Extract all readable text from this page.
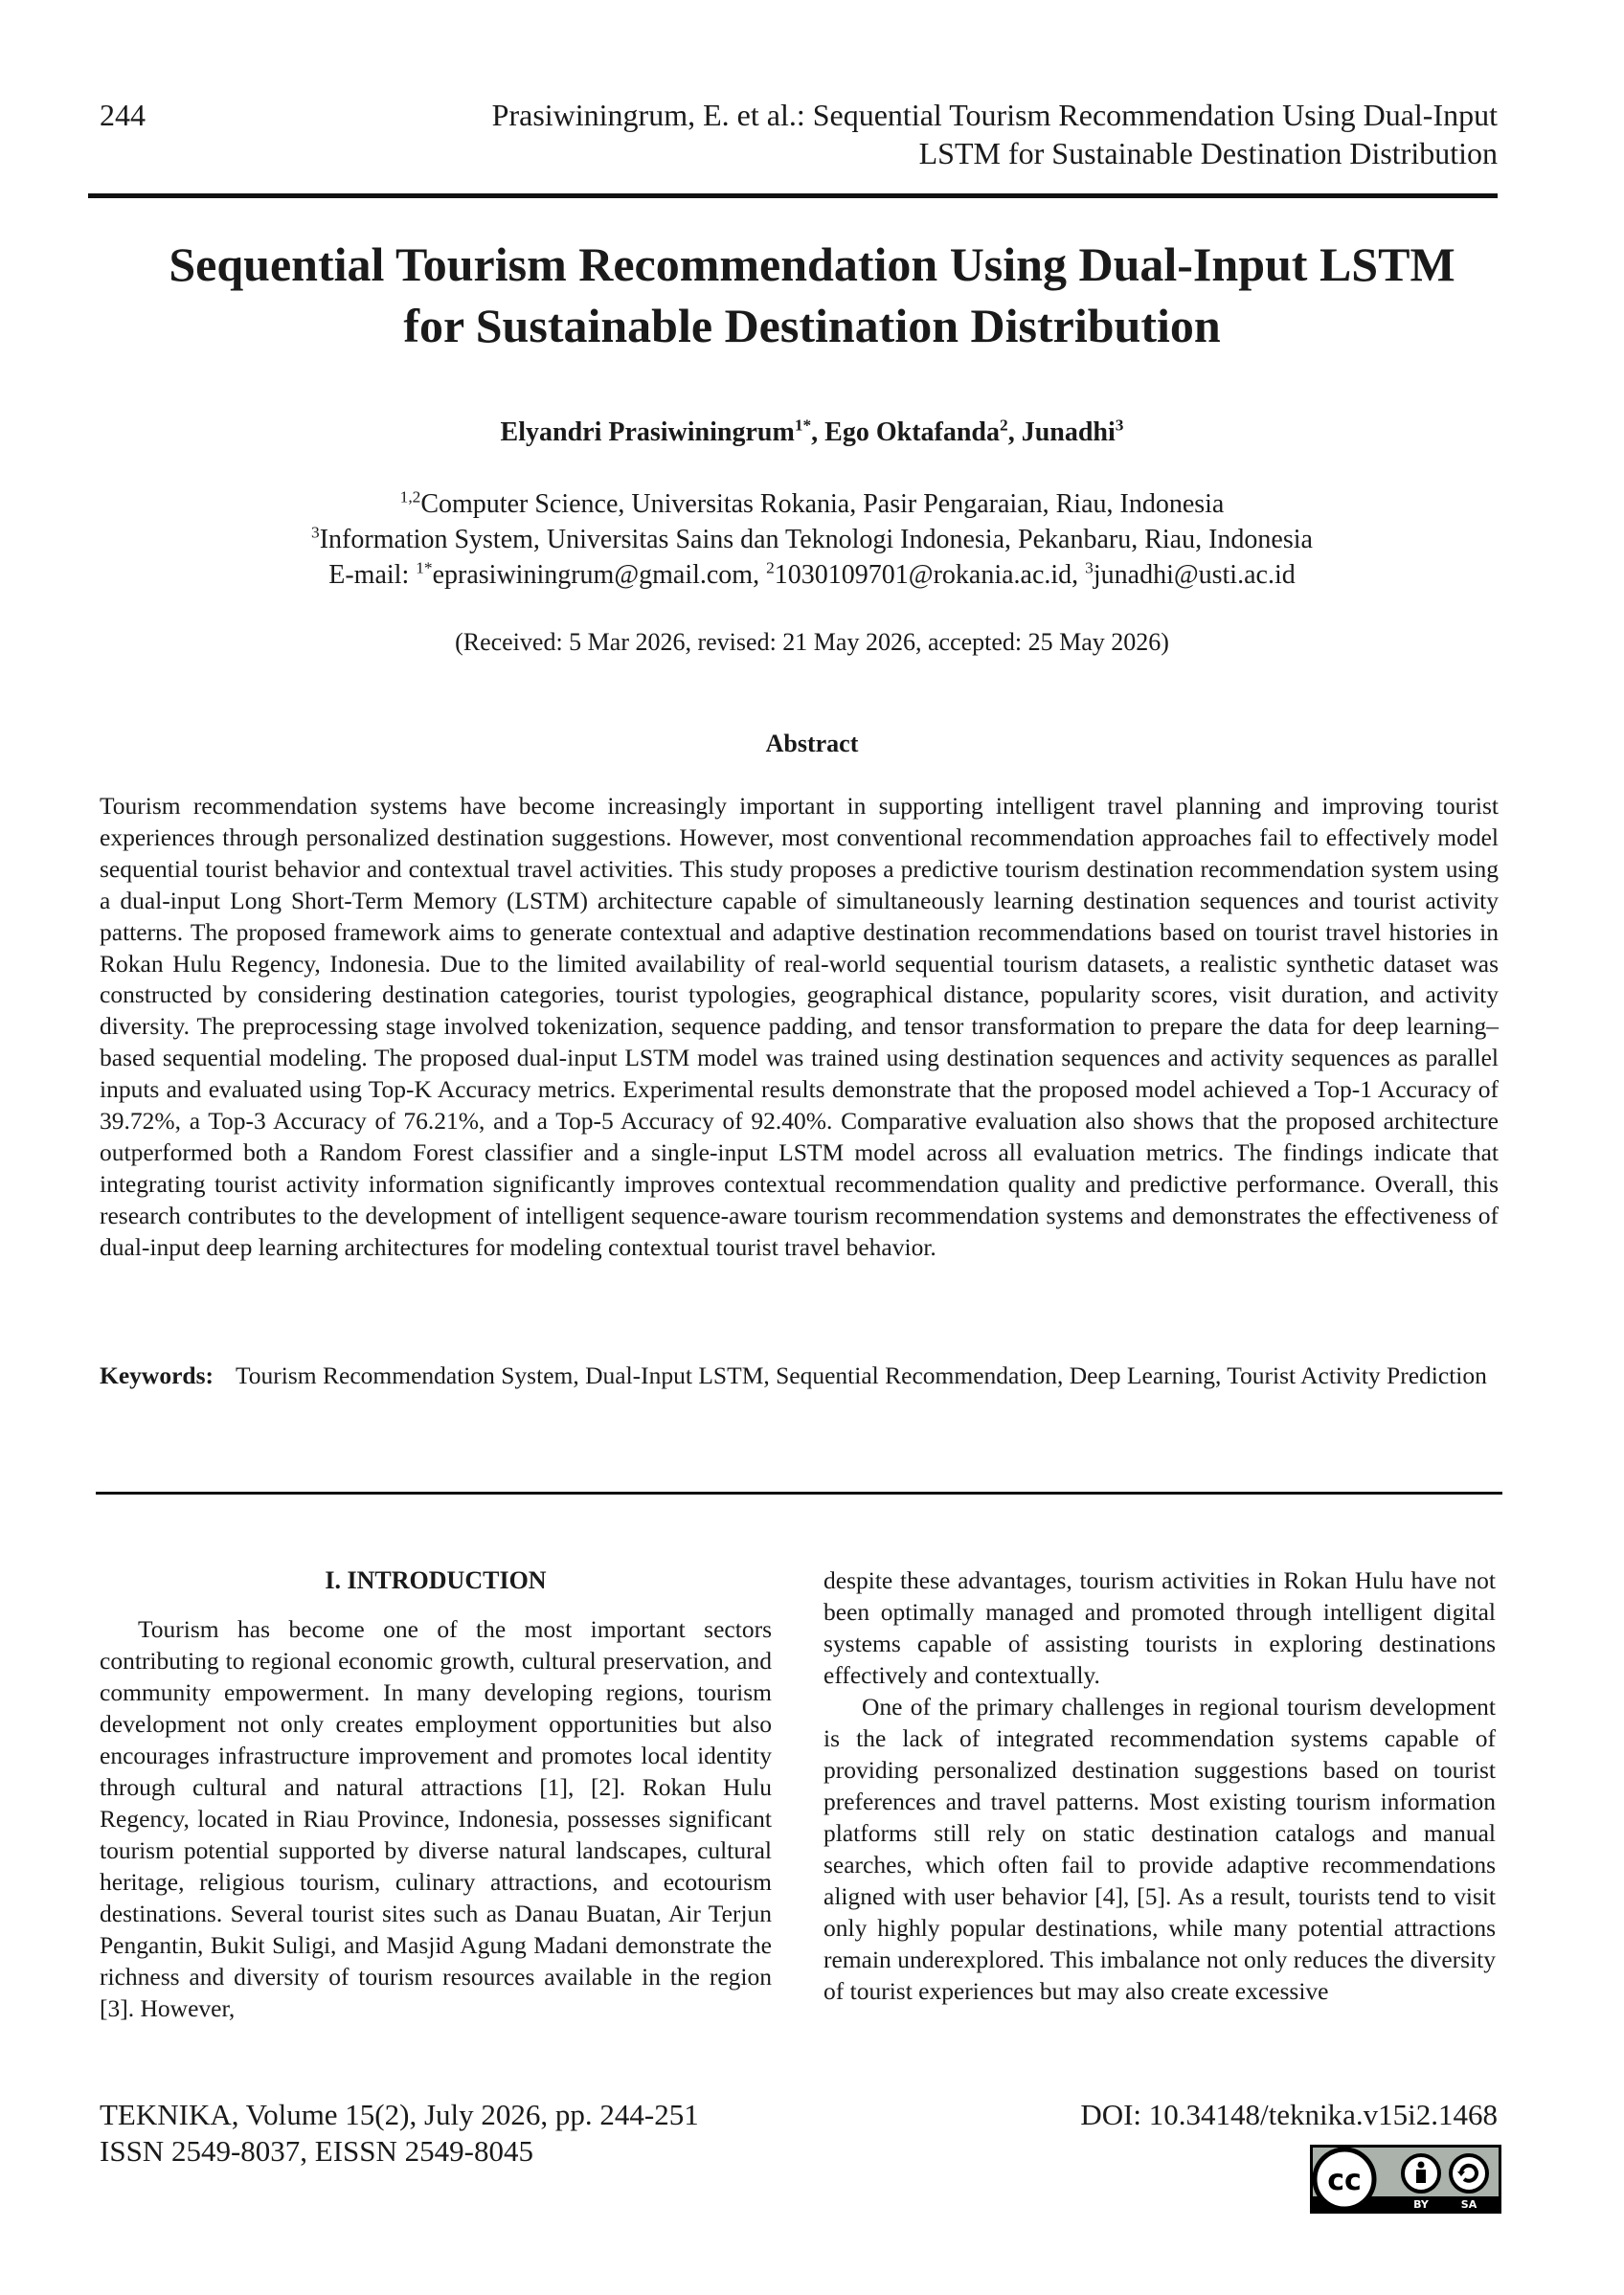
244	Prasiwiningrum, E. et al.: Sequential Tourism Recommendation Using Dual-Input
LSTM for Sustainable Destination Distribution
Sequential Tourism Recommendation Using Dual-Input LSTM
for Sustainable Destination Distribution
Elyandri Prasiwiningrum$^{1*}$, Ego Oktafanda$^2$, Junadhi$^3$
$^{1,2}$Computer Science, Universitas Rokania, Pasir Pengaraian, Riau, Indonesia
$^3$Information System, Universitas Sains dan Teknologi Indonesia, Pekanbaru, Riau, Indonesia
E-mail: $^{1*}$eprasiwiningrum@gmail.com, $^2$1030109701@rokania.ac.id, $^3$junadhi@usti.ac.id
(Received: 5 Mar 2026, revised: 21 May 2026, accepted: 25 May 2026)
Abstract
Tourism recommendation systems have become increasingly important in supporting intelligent travel planning and improving tourist experiences through personalized destination suggestions. However, most conventional recommendation approaches fail to effectively model sequential tourist behavior and contextual travel activities. This study proposes a predictive tourism destination recommendation system using a dual-input Long Short-Term Memory (LSTM) architecture capable of simultaneously learning destination sequences and tourist activity patterns. The proposed framework aims to generate contextual and adaptive destination recommendations based on tourist travel histories in Rokan Hulu Regency, Indonesia. Due to the limited availability of real-world sequential tourism datasets, a realistic synthetic dataset was constructed by considering destination categories, tourist typologies, geographical distance, popularity scores, visit duration, and activity diversity. The preprocessing stage involved tokenization, sequence padding, and tensor transformation to prepare the data for deep learning–based sequential modeling. The proposed dual-input LSTM model was trained using destination sequences and activity sequences as parallel inputs and evaluated using Top-K Accuracy metrics. Experimental results demonstrate that the proposed model achieved a Top-1 Accuracy of 39.72%, a Top-3 Accuracy of 76.21%, and a Top-5 Accuracy of 92.40%. Comparative evaluation also shows that the proposed architecture outperformed both a Random Forest classifier and a single-input LSTM model across all evaluation metrics. The findings indicate that integrating tourist activity information significantly improves contextual recommendation quality and predictive performance. Overall, this research contributes to the development of intelligent sequence-aware tourism recommendation systems and demonstrates the effectiveness of dual-input deep learning architectures for modeling contextual tourist travel behavior.
Keywords: Tourism Recommendation System, Dual-Input LSTM, Sequential Recommendation, Deep Learning, Tourist Activity Prediction
I. INTRODUCTION

Tourism has become one of the most important sectors contributing to regional economic growth, cultural preservation, and community empowerment. In many developing regions, tourism development not only creates employment opportunities but also encourages infrastructure improvement and promotes local identity through cultural and natural attractions [1], [2]. Rokan Hulu Regency, located in Riau Province, Indonesia, possesses significant tourism potential supported by diverse natural landscapes, cultural heritage, religious tourism, culinary attractions, and ecotourism destinations. Several tourist sites such as Danau Buatan, Air Terjun Pengantin, Bukit Suligi, and Masjid Agung Madani demonstrate the richness and diversity of tourism resources available in the region [3]. However,

despite these advantages, tourism activities in Rokan Hulu have not been optimally managed and promoted through intelligent digital systems capable of assisting tourists in exploring destinations effectively and contextually.

One of the primary challenges in regional tourism development is the lack of integrated recommendation systems capable of providing personalized destination suggestions based on tourist preferences and travel patterns. Most existing tourism information platforms still rely on static destination catalogs and manual searches, which often fail to provide adaptive recommendations aligned with user behavior [4], [5]. As a result, tourists tend to visit only highly popular destinations, while many potential attractions remain underexplored. This imbalance not only reduces the diversity of tourist experiences but may also create excessive

TEKNIKA, Volume 15(2), July 2026, pp. 244-251
ISSN 2549-8037, EISSN 2549-8045
DOI: 10.34148/teknika.v15i2.1468
cc
BY	SA
